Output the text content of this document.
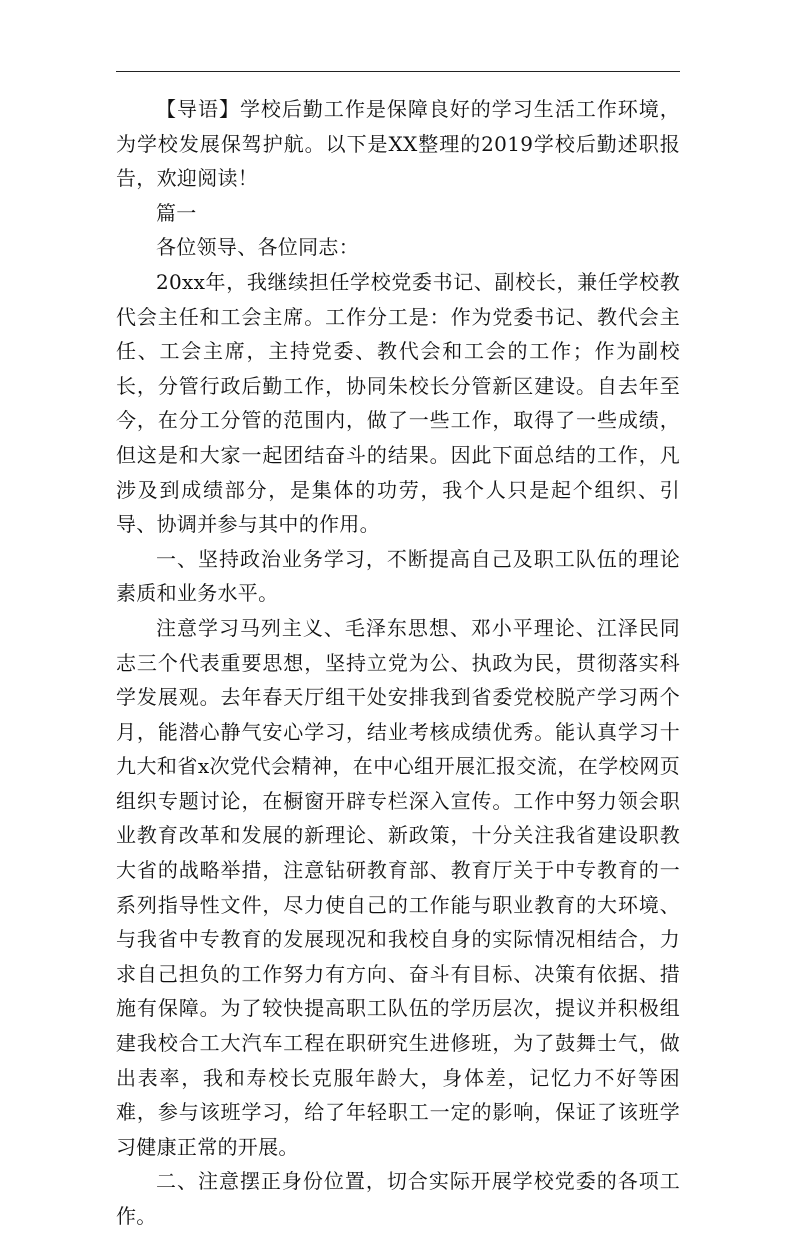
【导语】学校后勤工作是保障良好的学习生活工作环境，为学校发展保驾护航。以下是XX整理的2019学校后勤述职报告，欢迎阅读！

篇一

各位领导、各位同志：

20xx年，我继续担任学校党委书记、副校长，兼任学校教代会主任和工会主席。工作分工是：作为党委书记、教代会主任、工会主席，主持党委、教代会和工会的工作；作为副校长，分管行政后勤工作，协同朱校长分管新区建设。自去年至今，在分工分管的范围内，做了一些工作，取得了一些成绩，但这是和大家一起团结奋斗的结果。因此下面总结的工作，凡涉及到成绩部分，是集体的功劳，我个人只是起个组织、引导、协调并参与其中的作用。

一、坚持政治业务学习，不断提高自己及职工队伍的理论素质和业务水平。

注意学习马列主义、毛泽东思想、邓小平理论、江泽民同志三个代表重要思想，坚持立党为公、执政为民，贯彻落实科学发展观。去年春天厅组干处安排我到省委党校脱产学习两个月，能潜心静气安心学习，结业考核成绩优秀。能认真学习十九大和省x次党代会精神，在中心组开展汇报交流，在学校网页组织专题讨论，在橱窗开辟专栏深入宣传。工作中努力领会职业教育改革和发展的新理论、新政策，十分关注我省建设职教大省的战略举措，注意钻研教育部、教育厅关于中专教育的一系列指导性文件，尽力使自己的工作能与职业教育的大环境、与我省中专教育的发展现况和我校自身的实际情况相结合，力求自己担负的工作努力有方向、奋斗有目标、决策有依据、措施有保障。为了较快提高职工队伍的学历层次，提议并积极组建我校合工大汽车工程在职研究生进修班，为了鼓舞士气，做出表率，我和寿校长克服年龄大，身体差，记忆力不好等困难，参与该班学习，给了年轻职工一定的影响，保证了该班学习健康正常的开展。

二、注意摆正身份位置，切合实际开展学校党委的各项工作。
